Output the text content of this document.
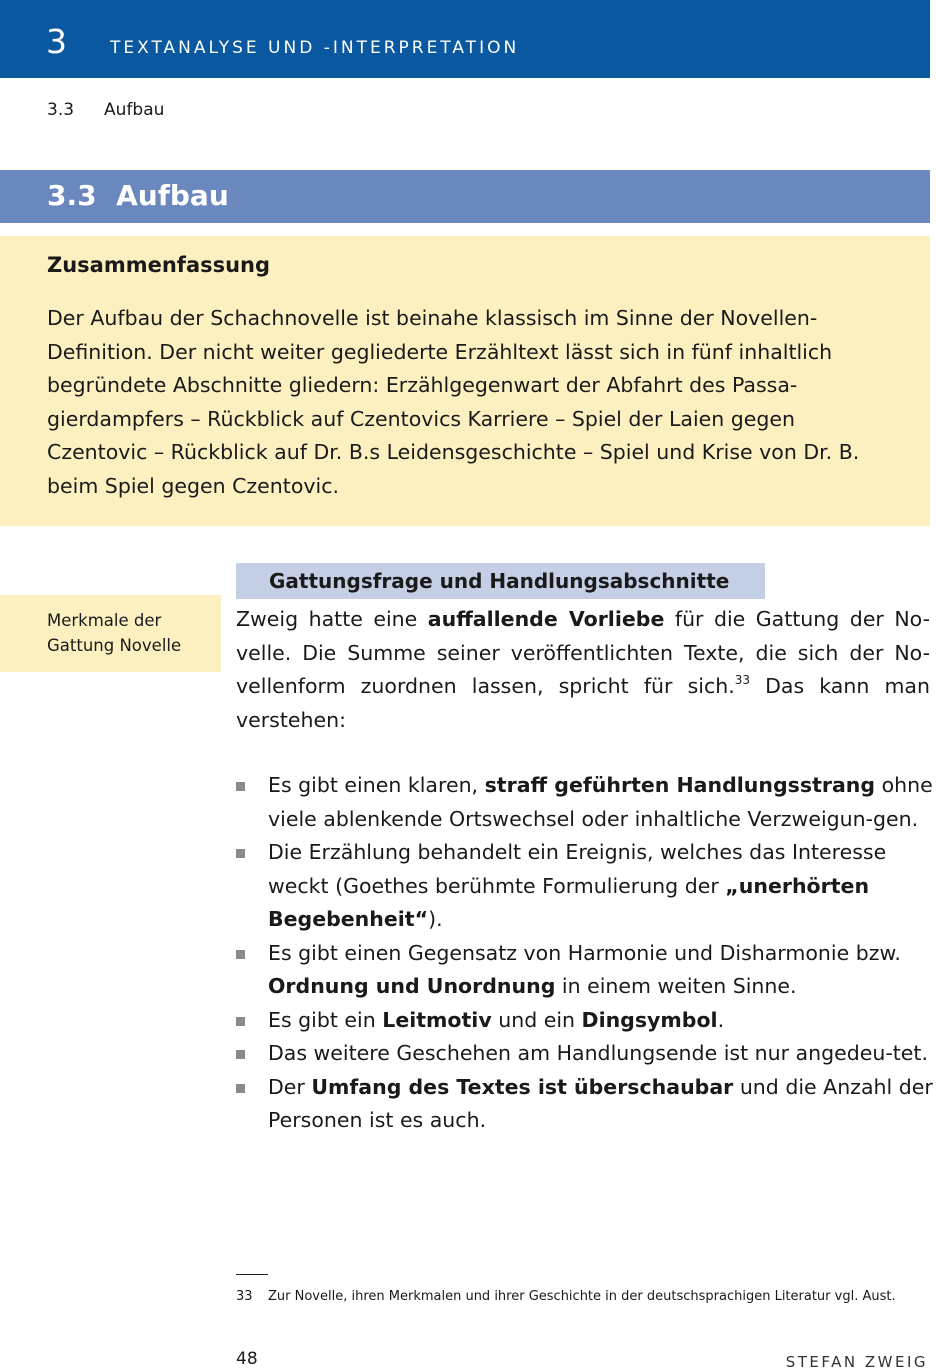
3	TEXTANALYSE UND -INTERPRETATION
3.3 Aufbau
3.3  Aufbau
Zusammenfassung
Der Aufbau der Schachnovelle ist beinahe klassisch im Sinne der Novellen-
Definition. Der nicht weiter gegliederte Erzähltext lässt sich in fünf inhaltlich
begründete Abschnitte gliedern: Erzählgegenwart der Abfahrt des Passa-
gierdampfers – Rückblick auf Czentovics Karriere – Spiel der Laien gegen
Czentovic – Rückblick auf Dr. B.s Leidensgeschichte – Spiel und Krise von Dr. B.
beim Spiel gegen Czentovic.
Gattungsfrage und Handlungsabschnitte
Merkmale der
Gattung Novelle
Zweig hatte eine auffallende Vorliebe für die Gattung der No-velle. Die Summe seiner veröffentlichten Texte, die sich der No-vellenform zuordnen lassen, spricht für sich.$^{33}$ Das kann man verstehen:
Es gibt einen klaren, straff geführten Handlungsstrang ohne viele ablenkende Ortswechsel oder inhaltliche Verzweigun-gen.
Die Erzählung behandelt ein Ereignis, welches das Interesse weckt (Goethes berühmte Formulierung der „unerhörten Begebenheit“).
Es gibt einen Gegensatz von Harmonie und Disharmonie bzw. Ordnung und Unordnung in einem weiten Sinne.
Es gibt ein Leitmotiv und ein Dingsymbol.
Das weitere Geschehen am Handlungsende ist nur angedeu-tet.
Der Umfang des Textes ist überschaubar und die Anzahl der Personen ist es auch.
33 Zur Novelle, ihren Merkmalen und ihrer Geschichte in der deutschsprachigen Literatur vgl. Aust.
48	STEFAN ZWEIG
